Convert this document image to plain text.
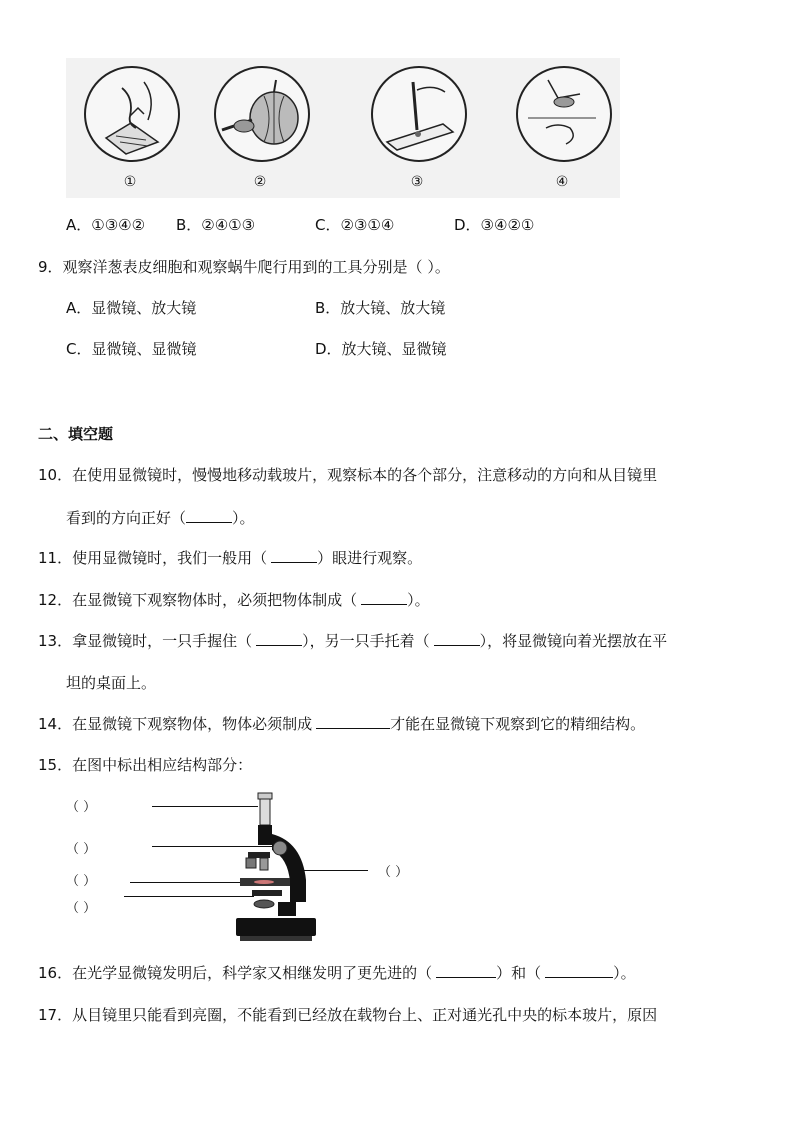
①	②	③	④
A．①③④② B．②④①③	C．②③①④	D．③④②①
9．观察洋葱表皮细胞和观察蜗牛爬行用到的工具分别是（ ）。
A．显微镜、放大镜	B．放大镜、放大镜
C．显微镜、显微镜	D．放大镜、显微镜
二、填空题
10．在使用显微镜时，慢慢地移动载玻片，观察标本的各个部分，注意移动的方向和从目镜里
看到的方向正好（	）。
11．使用显微镜时，我们一般用（	）眼进行观察。
12．在显微镜下观察物体时，必须把物体制成（	）。
13．拿显微镜时，一只手握住（	），另一只手托着（	），将显微镜向着光摆放在平
坦的桌面上。
14．在显微镜下观察物体，物体必须制成	才能在显微镜下观察到它的精细结构。
15．在图中标出相应结构部分：
（ ）
（ ）
（ ）
（ ）
（ ）
16．在光学显微镜发明后，科学家又相继发明了更先进的（	）和（	）。
17．从目镜里只能看到亮圈，不能看到已经放在载物台上、正对通光孔中央的标本玻片，原因
